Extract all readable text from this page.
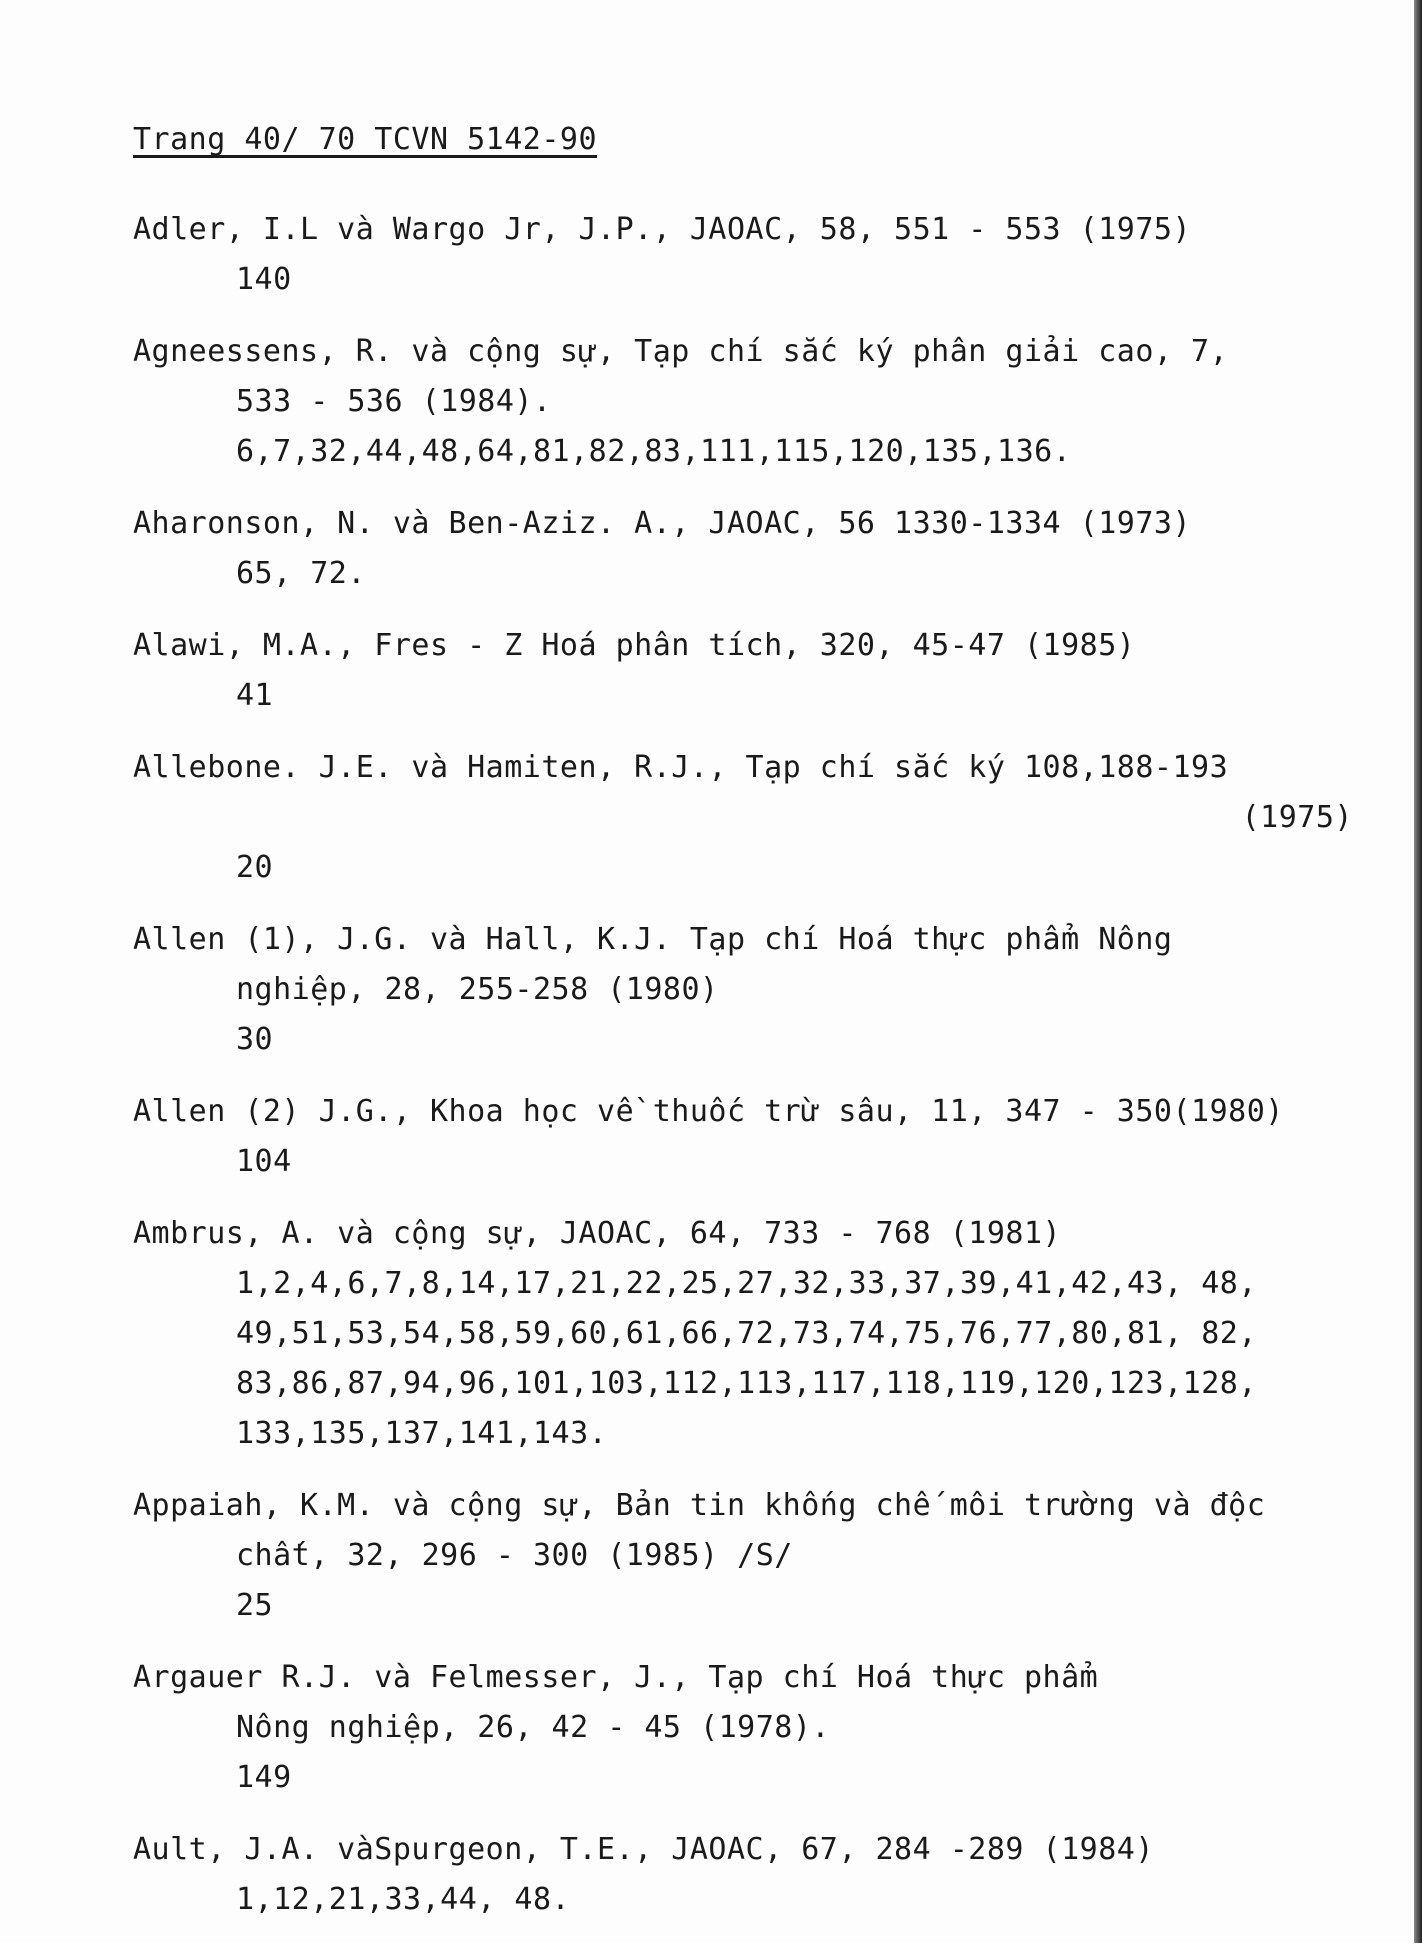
Trang 40/ 70 TCVN 5142-90
Adler, I.L và Wargo Jr, J.P., JAOAC, 58, 551 - 553 (1975)
140
Agneessens, R. và cộng sự, Tạp chí sắc ký phân giải cao, 7,
533 - 536 (1984).
6,7,32,44,48,64,81,82,83,111,115,120,135,136.
Aharonson, N. và Ben-Aziz. A., JAOAC, 56 1330-1334 (1973)
65, 72.
Alawi, M.A., Fres - Z Hoá phân tích, 320, 45-47 (1985)
41
Allebone. J.E. và Hamiten, R.J., Tạp chí sắc ký 108,188-193
(1975)
20
Allen (1), J.G. và Hall, K.J. Tạp chí Hoá thực phẩm Nông
nghiệp, 28, 255-258 (1980)
30
Allen (2) J.G., Khoa học về thuốc trừ sâu, 11, 347 - 350(1980)
104
Ambrus, A. và cộng sự, JAOAC, 64, 733 - 768 (1981)
1,2,4,6,7,8,14,17,21,22,25,27,32,33,37,39,41,42,43, 48,
49,51,53,54,58,59,60,61,66,72,73,74,75,76,77,80,81, 82,
83,86,87,94,96,101,103,112,113,117,118,119,120,123,128,
133,135,137,141,143.
Appaiah, K.M. và cộng sự, Bản tin khống chế môi trường và độc
chất, 32, 296 - 300 (1985) /S/
25
Argauer R.J. và Felmesser, J., Tạp chí Hoá thực phẩm
Nông nghiệp, 26, 42 - 45 (1978).
149
Ault, J.A. vàSpurgeon, T.E., JAOAC, 67, 284 -289 (1984)
1,12,21,33,44, 48.
